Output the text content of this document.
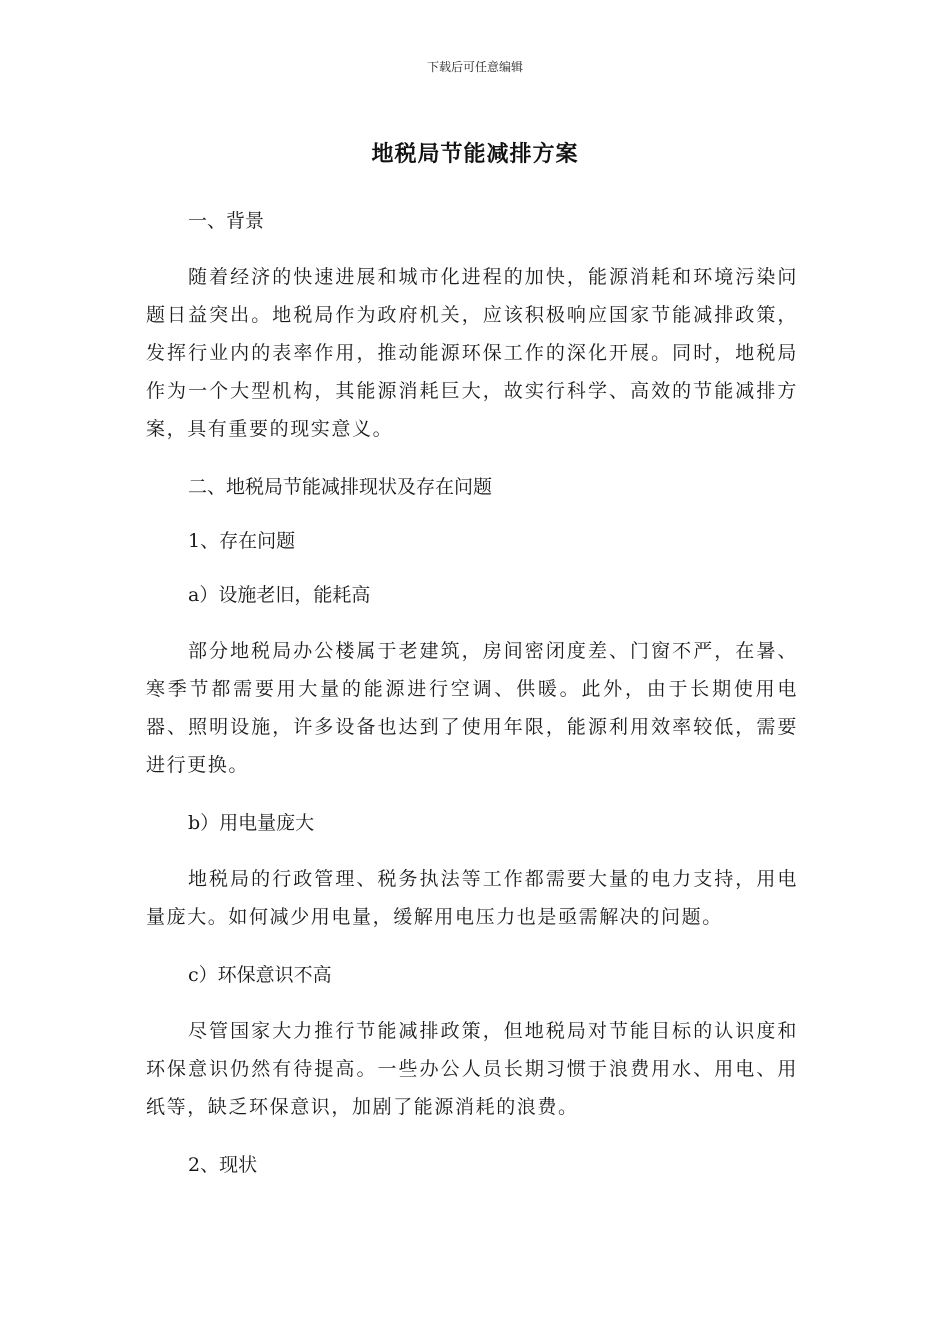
下载后可任意编辑
地税局节能减排方案

一、背景

随着经济的快速进展和城市化进程的加快，能源消耗和环境污染问题日益突出。地税局作为政府机关，应该积极响应国家节能减排政策，发挥行业内的表率作用，推动能源环保工作的深化开展。同时，地税局作为一个大型机构，其能源消耗巨大，故实行科学、高效的节能减排方案，具有重要的现实意义。

二、地税局节能减排现状及存在问题

1、存在问题

a）设施老旧，能耗高

部分地税局办公楼属于老建筑，房间密闭度差、门窗不严，在暑、寒季节都需要用大量的能源进行空调、供暖。此外，由于长期使用电器、照明设施，许多设备也达到了使用年限，能源利用效率较低，需要进行更换。

b）用电量庞大

地税局的行政管理、税务执法等工作都需要大量的电力支持，用电量庞大。如何减少用电量，缓解用电压力也是亟需解决的问题。

c）环保意识不高

尽管国家大力推行节能减排政策，但地税局对节能目标的认识度和环保意识仍然有待提高。一些办公人员长期习惯于浪费用水、用电、用纸等，缺乏环保意识，加剧了能源消耗的浪费。

2、现状
